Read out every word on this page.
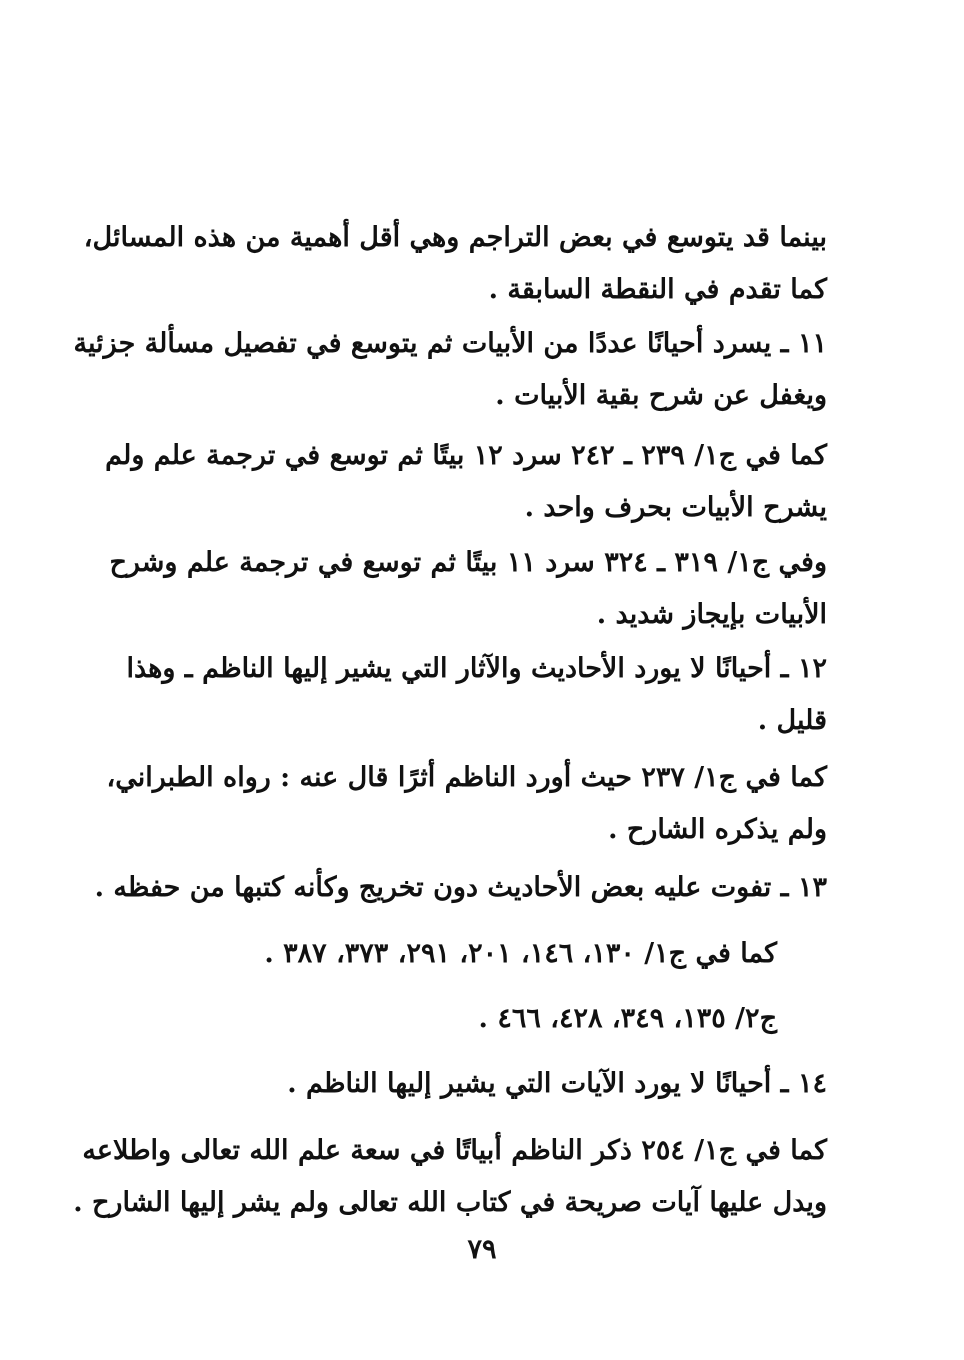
بينما قد يتوسع في بعض التراجم وهي أقل أهمية من هذه المسائل،
كما تقدم في النقطة السابقة .

١١ ـ يسرد أحيانًا عددًا من الأبيات ثم يتوسع في تفصيل مسألة جزئية
ويغفل عن شرح بقية الأبيات .

كما في ج١/ ٢٣٩ ـ ٢٤٢ سرد ١٢ بيتًا ثم توسع في ترجمة علم ولم
يشرح الأبيات بحرف واحد .

وفي ج١/ ٣١٩ ـ ٣٢٤ سرد ١١ بيتًا ثم توسع في ترجمة علم وشرح
الأبيات بإيجاز شديد .

١٢ ـ أحيانًا لا يورد الأحاديث والآثار التي يشير إليها الناظم ـ وهذا
قليل .

كما في ج١/ ٢٣٧ حيث أورد الناظم أثرًا قال عنه : رواه الطبراني،
ولم يذكره الشارح .

١٣ ـ تفوت عليه بعض الأحاديث دون تخريج وكأنه كتبها من حفظه .

كما في ج١/ ١٣٠، ١٤٦، ٢٠١، ٢٩١، ٣٧٣، ٣٨٧ .

ج٢/ ١٣٥، ٣٤٩، ٤٢٨، ٤٦٦ .

١٤ ـ أحيانًا لا يورد الآيات التي يشير إليها الناظم .

كما في ج١/ ٢٥٤ ذكر الناظم أبياتًا في سعة علم الله تعالى واطلاعه
ويدل عليها آيات صريحة في كتاب الله تعالى ولم يشر إليها الشارح .

٧٩
